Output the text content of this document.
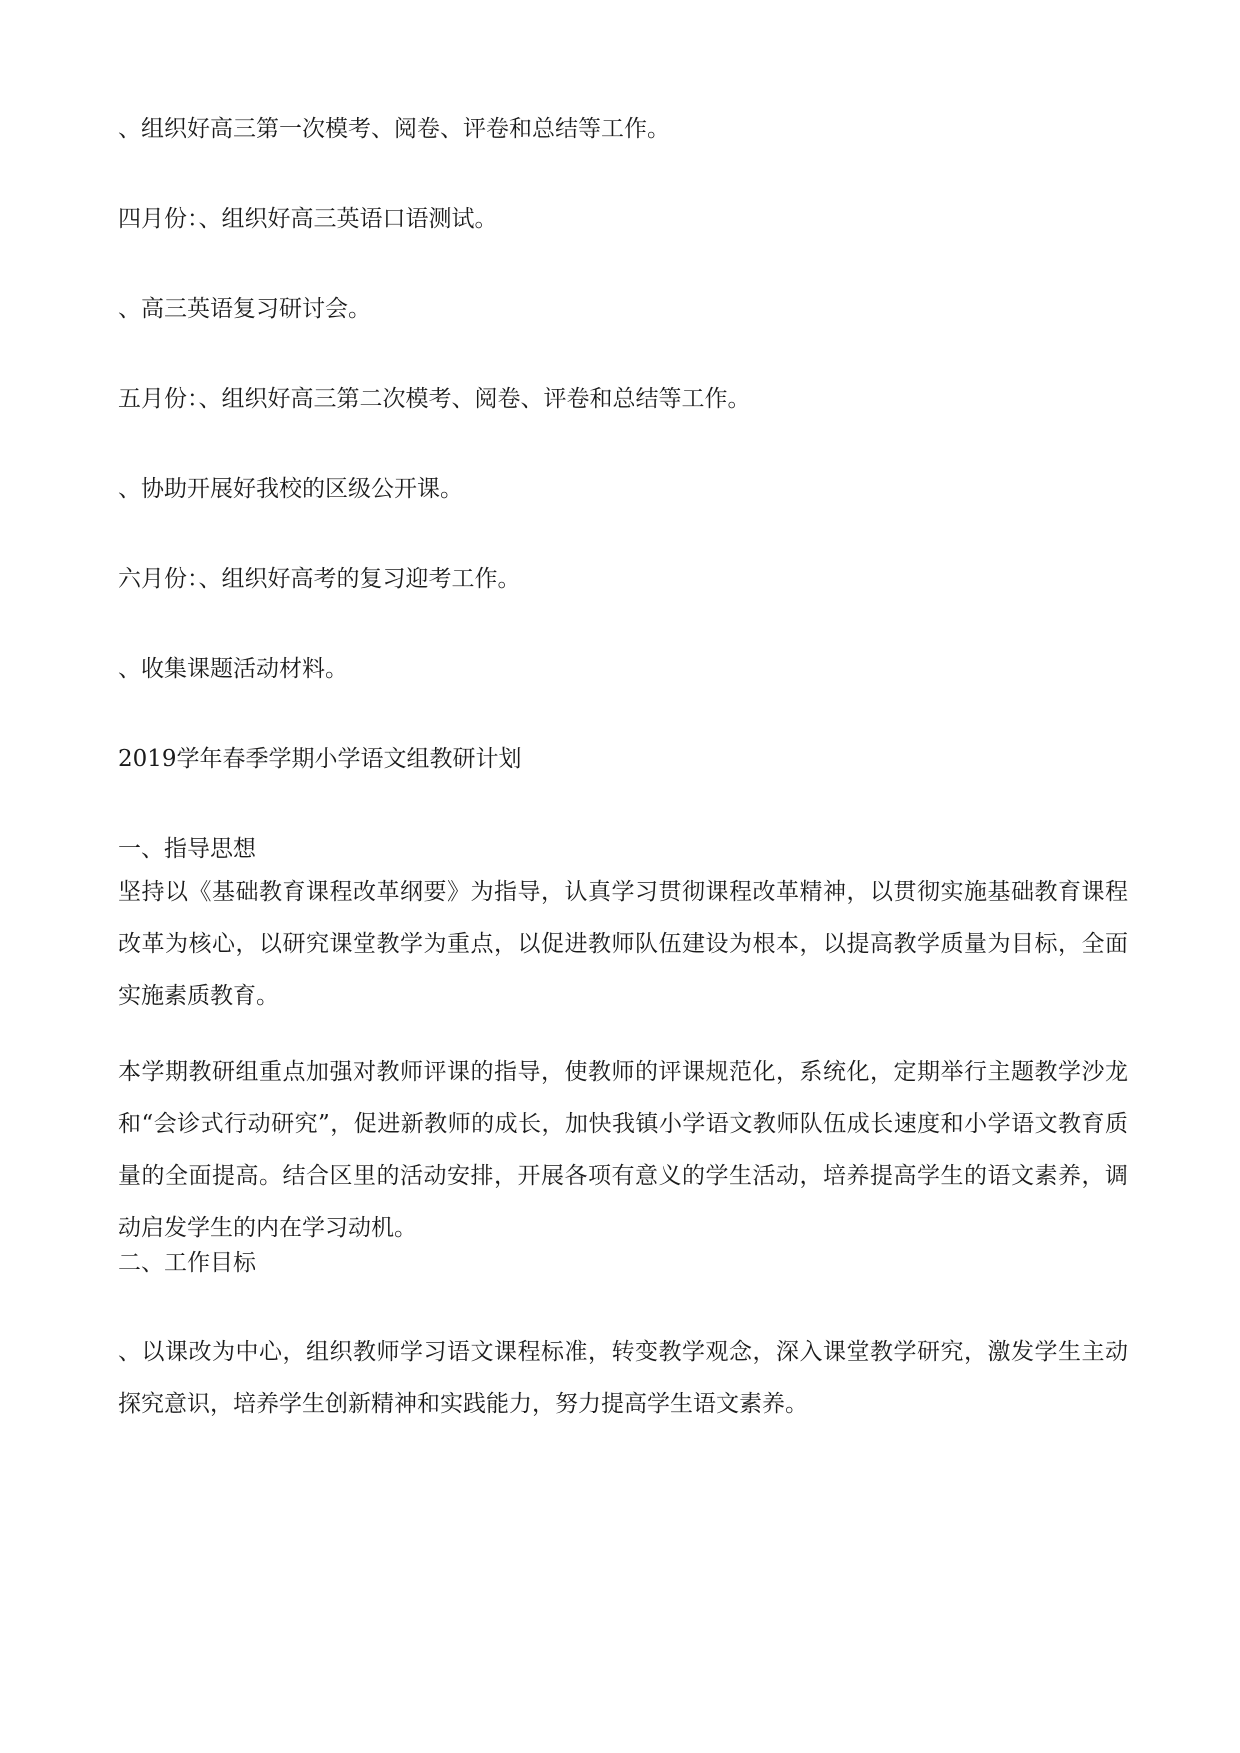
、组织好高三第一次模考、阅卷、评卷和总结等工作。

四月份：、组织好高三英语口语测试。

、高三英语复习研讨会。

五月份：、组织好高三第二次模考、阅卷、评卷和总结等工作。

、协助开展好我校的区级公开课。

六月份：、组织好高考的复习迎考工作。

、收集课题活动材料。

2019学年春季学期小学语文组教研计划

一、指导思想

坚持以《基础教育课程改革纲要》为指导，认真学习贯彻课程改革精神，以贯彻实施基础教育课程改革为核心，以研究课堂教学为重点，以促进教师队伍建设为根本，以提高教学质量为目标，全面实施素质教育。

本学期教研组重点加强对教师评课的指导，使教师的评课规范化，系统化，定期举行主题教学沙龙和“会诊式行动研究”，促进新教师的成长，加快我镇小学语文教师队伍成长速度和小学语文教育质量的全面提高。结合区里的活动安排，开展各项有意义的学生活动，培养提高学生的语文素养，调动启发学生的内在学习动机。

二、工作目标

、以课改为中心，组织教师学习语文课程标准，转变教学观念，深入课堂教学研究，激发学生主动探究意识，培养学生创新精神和实践能力，努力提高学生语文素养。
